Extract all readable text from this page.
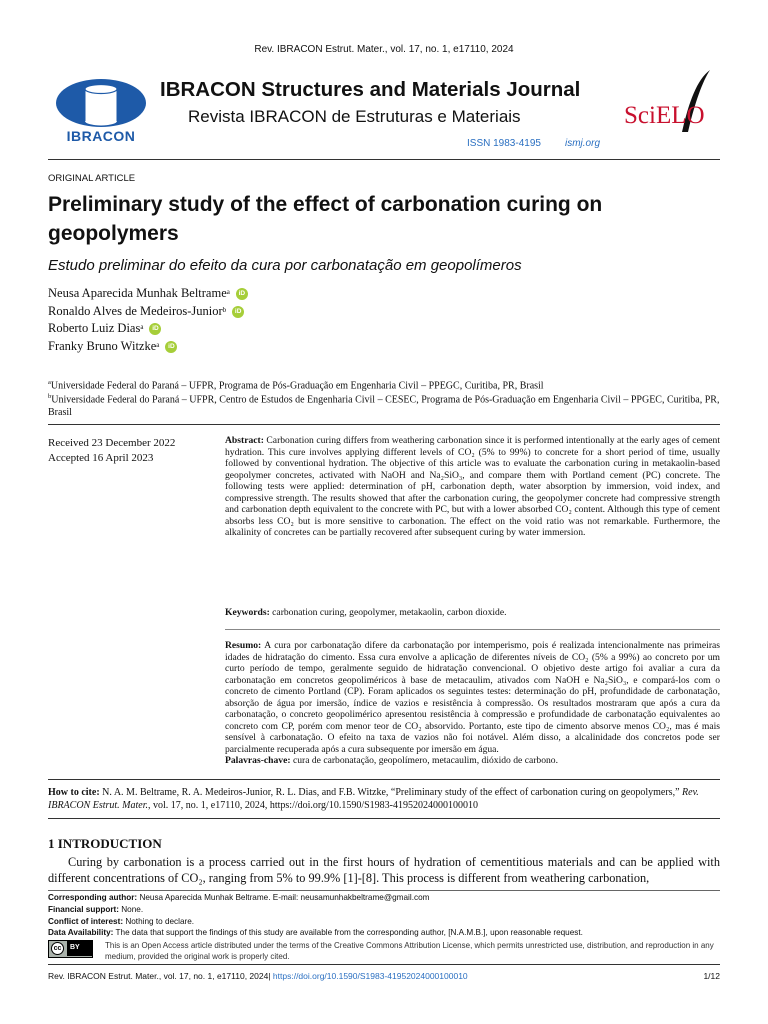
Rev. IBRACON Estrut. Mater., vol. 17, no. 1, e17110, 2024
IBRACON
IBRACON Structures and Materials Journal
Revista IBRACON de Estruturas e Materiais
ISSN 1983-4195 ismj.org
SciELO
ORIGINAL ARTICLE
Preliminary study of the effect of carbonation curing on geopolymers
Estudo preliminar do efeito da cura por carbonatação em geopolímeros
Neusa Aparecida Munhak Beltrame$^a$	iD
Ronaldo Alves de Medeiros-Junior$^b$	iD
Roberto Luiz Dias$^a$	iD
Franky Bruno Witzke$^a$	iD
$^a$Universidade Federal do Paraná – UFPR, Programa de Pós-Graduação em Engenharia Civil – PPEGC, Curitiba, PR, Brasil
$^b$Universidade Federal do Paraná – UFPR, Centro de Estudos de Engenharia Civil – CESEC, Programa de Pós-Graduação em Engenharia Civil – PPGEC, Curitiba, PR, Brasil
Received 23 December 2022
Accepted 16 April 2023
Abstract: Carbonation curing differs from weathering carbonation since it is performed intentionally at the early ages of cement hydration. This cure involves applying different levels of CO₂ (5% to 99%) to concrete for a short period of time, usually followed by conventional hydration. The objective of this article was to evaluate the carbonation curing in metakaolin-based geopolymer concretes, activated with NaOH and Na₂SiO₃, and compare them with Portland cement (PC) concrete. The following tests were applied: determination of pH, carbonation depth, water absorption by immersion, void index, and compressive strength. The results showed that after the carbonation curing, the geopolymer concrete had compressive strength and carbonation depth equivalent to the concrete with PC, but with a lower absorbed CO₂ content. Although this type of cement absorbs less CO₂ but is more sensitive to carbonation. The effect on the void ratio was not remarkable. Furthermore, the alkalinity of concretes can be partially recovered after subsequent curing by water immersion.
Keywords: carbonation curing, geopolymer, metakaolin, carbon dioxide.
Resumo: A cura por carbonatação difere da carbonatação por intemperismo, pois é realizada intencionalmente nas primeiras idades de hidratação do cimento. Essa cura envolve a aplicação de diferentes níveis de CO₂ (5% a 99%) ao concreto por um curto período de tempo, geralmente seguido de hidratação convencional. O objetivo deste artigo foi avaliar a cura da carbonatação em concretos geopoliméricos à base de metacaulim, ativados com NaOH e Na₂SiO₃, e compará-los com o concreto de cimento Portland (CP). Foram aplicados os seguintes testes: determinação do pH, profundidade de carbonatação, absorção de água por imersão, índice de vazios e resistência à compressão. Os resultados mostraram que após a cura da carbonatação, o concreto geopolimérico apresentou resistência à compressão e profundidade de carbonatação equivalentes ao concreto com CP, porém com menor teor de CO₂ absorvido. Portanto, este tipo de cimento absorve menos CO₂, mas é mais sensível à carbonatação. O efeito na taxa de vazios não foi notável. Além disso, a alcalinidade dos concretos pode ser parcialmente recuperada após a cura subsequente por imersão em água.
Palavras-chave: cura de carbonatação, geopolímero, metacaulim, dióxido de carbono.
How to cite: N. A. M. Beltrame, R. A. Medeiros-Junior, R. L. Dias, and F.B. Witzke, “Preliminary study of the effect of carbonation curing on geopolymers,” Rev. IBRACON Estrut. Mater., vol. 17, no. 1, e17110, 2024, https://doi.org/10.1590/S1983-41952024000100010
1 INTRODUCTION
Curing by carbonation is a process carried out in the first hours of hydration of cementitious materials and can be applied with different concentrations of CO₂, ranging from 5% to 99.9% [1]-[8]. This process is different from weathering carbonation,
Corresponding author: Neusa Aparecida Munhak Beltrame. E-mail: neusamunhakbeltrame@gmail.com
Financial support: None.
Conflict of interest: Nothing to declare.
Data Availability: The data that support the findings of this study are available from the corresponding author, [N.A.M.B.], upon reasonable request.
cc	BY	This is an Open Access article distributed under the terms of the Creative Commons Attribution License, which permits unrestricted use, distribution, and reproduction in any medium, provided the original work is properly cited.
Rev. IBRACON Estrut. Mater., vol. 17, no. 1, e17110, 2024| https://doi.org/10.1590/S1983-41952024000100010	1/12
